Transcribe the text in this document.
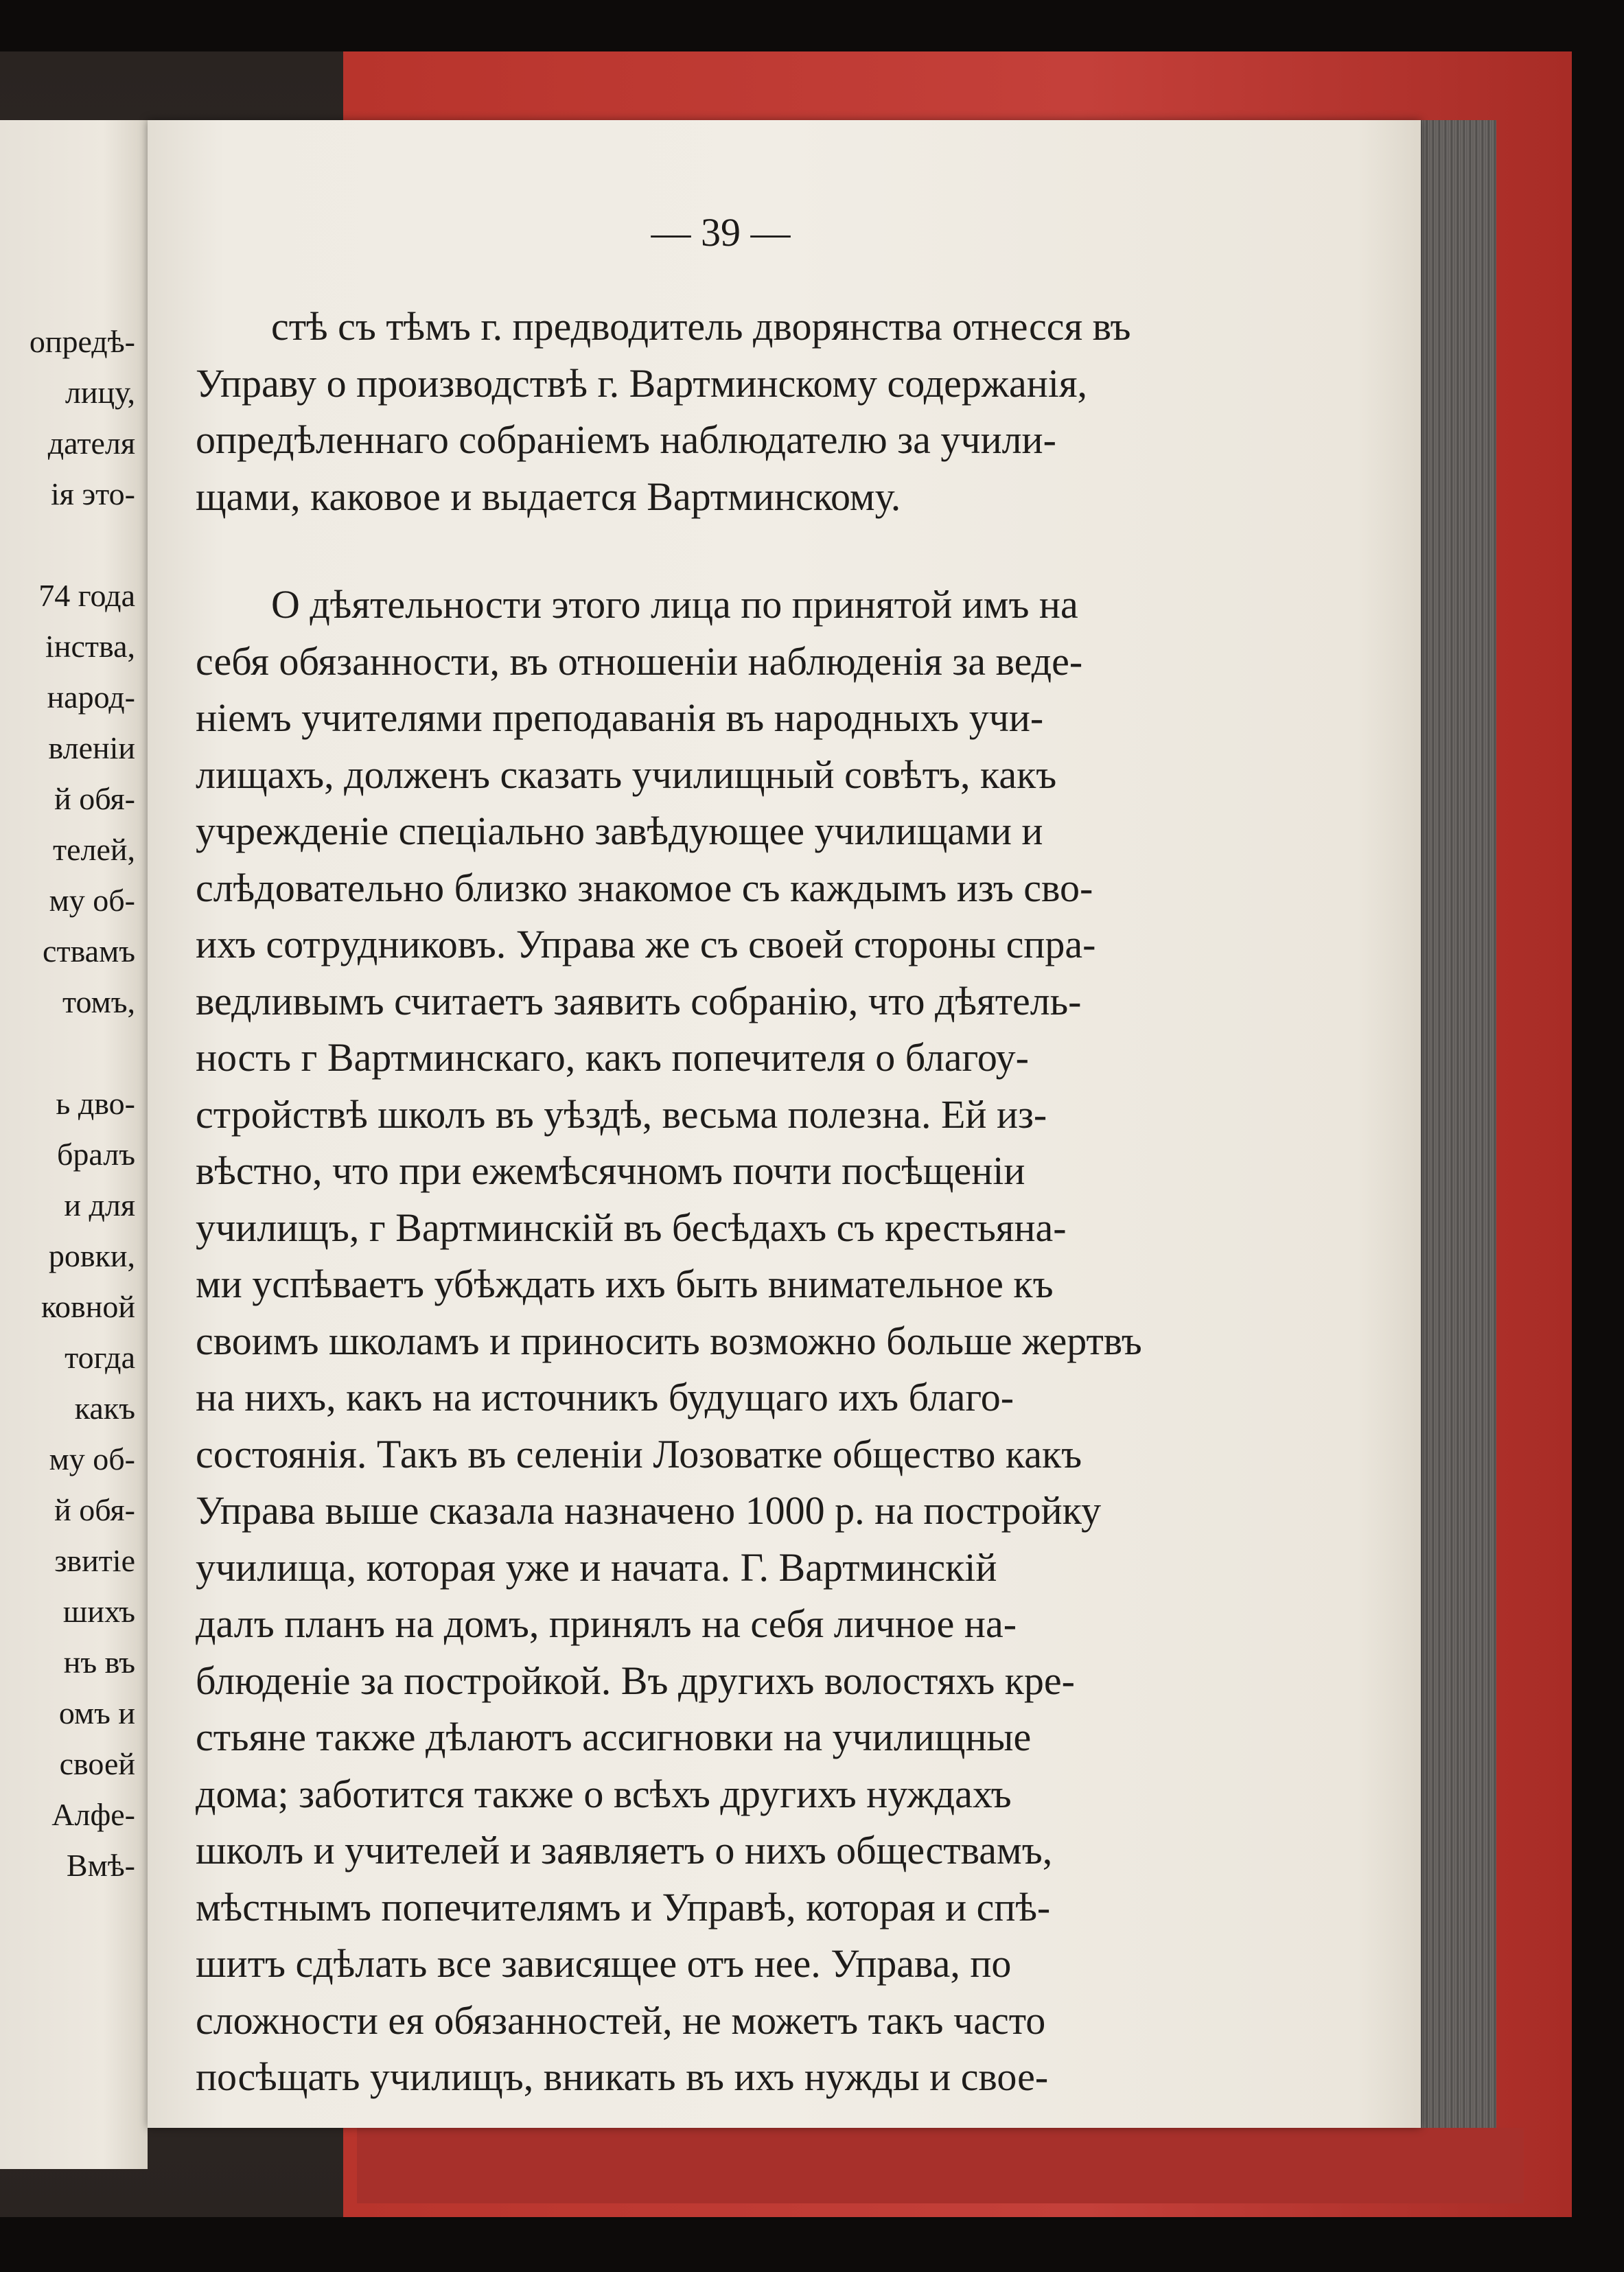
опредѣ-
лицу,
дателя
ія это-
74 года
інства,
народ-
вленіи
й обя-
телей,
му об-
ствамъ
томъ,
ь дво-
бралъ
и для
ровки,
ковной
тогда
какъ
му об-
й обя-
звитіе
шихъ
нъ въ
омъ и
своей
Алфе-
Вмѣ-
— 39 —
стѣ съ тѣмъ г. предводитель дворянства отнесся въ
Управу о производствѣ г. Вартминскому содержанія,
опредѣленнаго собраніемъ наблюдателю за учили-
щами, каковое и выдается Вартминскому.
О дѣятельности этого лица по принятой имъ на
себя обязанности, въ отношеніи наблюденія за веде-
ніемъ учителями преподаванія въ народныхъ учи-
лищахъ, долженъ сказать училищный совѣтъ, какъ
учрежденіе спеціально завѣдующее училищами и
слѣдовательно близко знакомое съ каждымъ изъ сво-
ихъ сотрудниковъ. Управа же съ своей стороны спра-
ведливымъ считаетъ заявить собранію, что дѣятель-
ность г Вартминскаго, какъ попечителя о благоу-
стройствѣ школъ въ уѣздѣ, весьма полезна. Ей из-
вѣстно, что при ежемѣсячномъ почти посѣщеніи
училищъ, г Вартминскій въ бесѣдахъ съ крестьяна-
ми успѣваетъ убѣждать ихъ быть внимательное къ
своимъ школамъ и приносить возможно больше жертвъ
на нихъ, какъ на источникъ будущаго ихъ благо-
состоянія. Такъ въ селеніи Лозоватке общество какъ
Управа выше сказала назначено 1000 р. на постройку
училища, которая уже и начата. Г. Вартминскій
далъ планъ на домъ, принялъ на себя личное на-
блюденіе за постройкой. Въ другихъ волостяхъ кре-
стьяне также дѣлаютъ ассигновки на училищные
дома; заботится также о всѣхъ другихъ нуждахъ
школъ и учителей и заявляетъ о нихъ обществамъ,
мѣстнымъ попечителямъ и Управѣ, которая и спѣ-
шитъ сдѣлать все зависящее отъ нее. Управа, по
сложности ея обязанностей, не можетъ такъ часто
посѣщать училищъ, вникать въ ихъ нужды и свое-
